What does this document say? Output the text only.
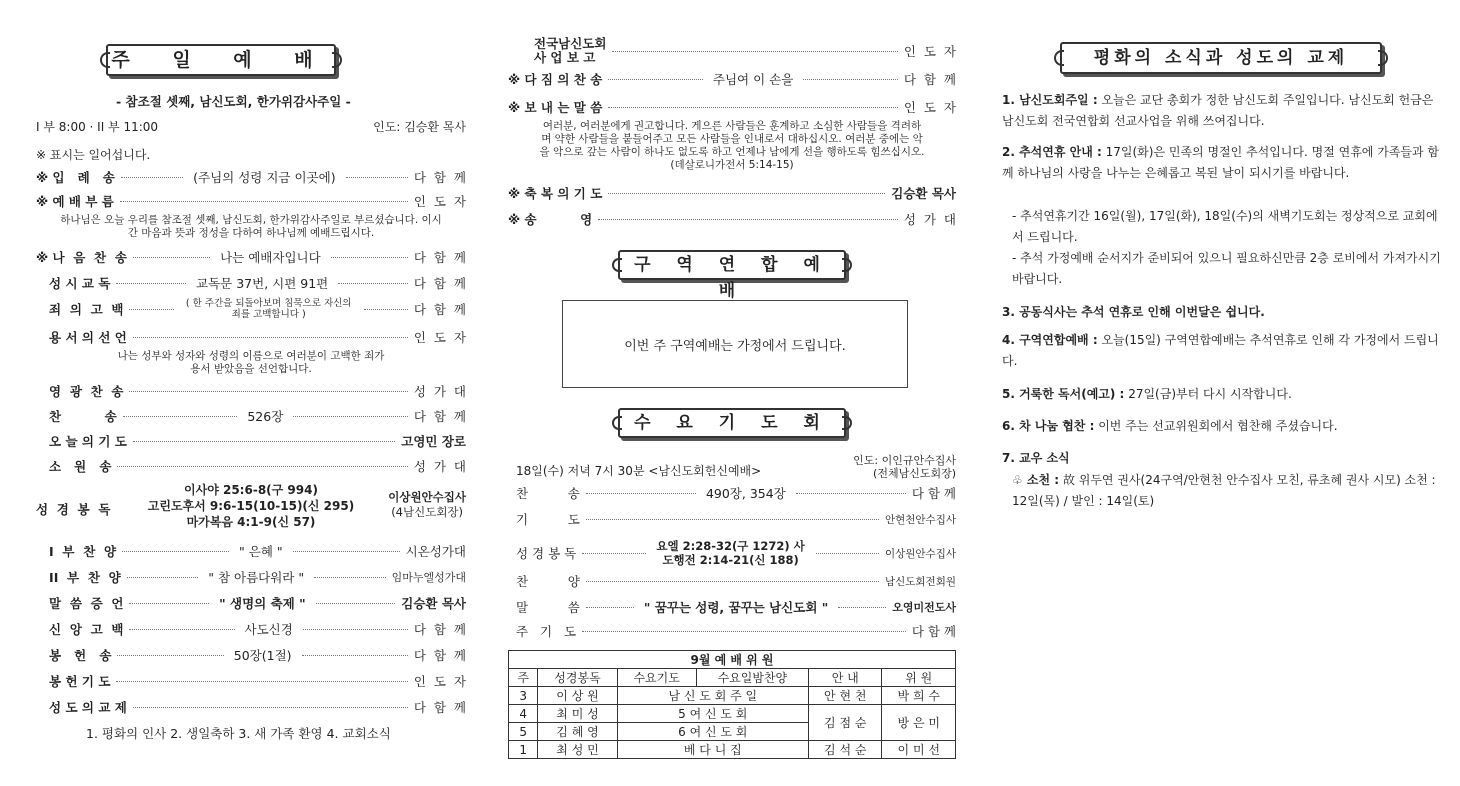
주 일 예 배
- 참조절 셋째, 남신도회, 한가위감사주일 -
I 부 8:00 · II 부 11:00	인도: 김승환 목사
※ 표시는 일어섭니다.
※ 입   례   송	(주님의 성령 지금 이곳에)	다  함  께
※ 예 배 부 름	인  도  자
하나님은 오늘 우리를 참조절 셋째, 남신도회, 한가위감사주일로 부르셨습니다. 이시간 마음과 뜻과 정성을 다하여 하나님께 예배드립시다.
※ 나  음  찬  송	나는 예배자입니다	다  함  께
성 시 교 독	교독문 37번, 시편 91편	다  함  께
죄  의  고  백	( 한 주간을 되돌아보며 침묵으로 자신의 죄를 고백합니다 )	다  함  께
용 서 의 선 언	인  도  자
나는 성부와 성자와 성령의 이름으로 여러분이 고백한 죄가 용서 받았음을 선언합니다.
영  광  찬  송	성  가  대
찬          송	526장	다  함  께
오 늘 의 기 도	고영민 장로
소   원   송	성  가  대
성  경  봉  독
이사야 25:6-8(구 994)
고린도후서 9:6-15(10-15)(신 295)
마가복음 4:1-9(신 57)
이상원안수집사
(4남신도회장)
I  부  찬  양	" 은혜 "	시온성가대
II  부  찬  양	" 참 아름다워라 "	임마누엘성가대
말  씀  증  언	" 생명의 축제 "	김승환 목사
신  앙  고  백	사도신경	다  함  께
봉   헌   송	50장(1절)	다  함  께
봉 헌 기 도	인  도  자
성 도 의 교 제	다  함  께
1. 평화의 인사 2. 생일축하 3. 새 가족 환영 4. 교회소식
전국남신도회
사 업 보 고	인  도  자
※ 다 짐 의 찬 송	주님여 이 손을	다  함  께
※ 보 내 는 말 씀	인  도  자
여러분, 여러분에게 권고합니다. 게으른 사람들은 훈계하고 소심한 사람들을 격려하며 약한 사람들을 붙들어주고 모든 사람들을 인내로서 대하십시오. 여러분 중에는 악을 악으로 갚는 사람이 하나도 없도록 하고 언제나 남에게 선을 행하도록 힘쓰십시오. (데살로니가전서 5:14-15)
※ 축 복 의 기 도	김승환 목사
※ 송          영	성  가  대
구 역 연 합 예 배
이번 주 구역예배는 가정에서 드립니다.
수 요 기 도 회
18일(수) 저녁 7시 30분 <남신도회헌신예배>
인도: 이인규안수집사
(전체남신도회장)
찬          송	490장, 354장	다 함 께
기          도	안현천안수집사
성 경 봉 독	요엘 2:28-32(구 1272) 사도행전 2:14-21(신 188)	이상원안수집사
찬          양	남신도회전회원
말          씀	" 꿈꾸는 성령, 꿈꾸는 남신도회 "	오영미전도사
주   기   도	다 함 께
9월 예 배 위 원					
주	성경봉독	수요기도	수요일밤찬양	안 내	위 원
3	이 상 원	남 신 도 회 주 일		안 현 천	박 희 수
4	최 미 성	5 여 신 도 회		김 점 순	방 은 미
5	김 혜 영	6 여 신 도 회			
1	최 성 민	베 다 니 집		김 석 순	이 미 선
평화의 소식과 성도의 교제
1. 남신도회주일 : 오늘은 교단 총회가 정한 남신도회 주일입니다. 남신도회 헌금은 남신도회 전국연합회 선교사업을 위해 쓰여집니다.
2. 추석연휴 안내 : 17일(화)은 민족의 명절인 추석입니다. 명절 연휴에 가족들과 함께 하나님의 사랑을 나누는 은혜롭고 복된 날이 되시기를 바랍니다.
- 추석연휴기간 16일(월), 17일(화), 18일(수)의 새벽기도회는 정상적으로 교회에서 드립니다.
- 추석 가정예배 순서지가 준비되어 있으니 필요하신만큼 2층 로비에서 가져가시기 바랍니다.
3. 공동식사는 추석 연휴로 인해 이번달은 쉽니다.
4. 구역연합예배 : 오늘(15일) 구역연합예배는 추석연휴로 인해 각 가정에서 드립니다.
5. 거룩한 독서(예고) : 27일(금)부터 다시 시작합니다.
6. 차 나눔 협찬 : 이번 주는 선교위원회에서 협찬해 주셨습니다.
7. 교우 소식
♧ 소천 : 故 위두연 권사(24구역/안현천 안수집사 모친, 류초혜 권사 시모) 소천 : 12일(목) / 발인 : 14일(토)
